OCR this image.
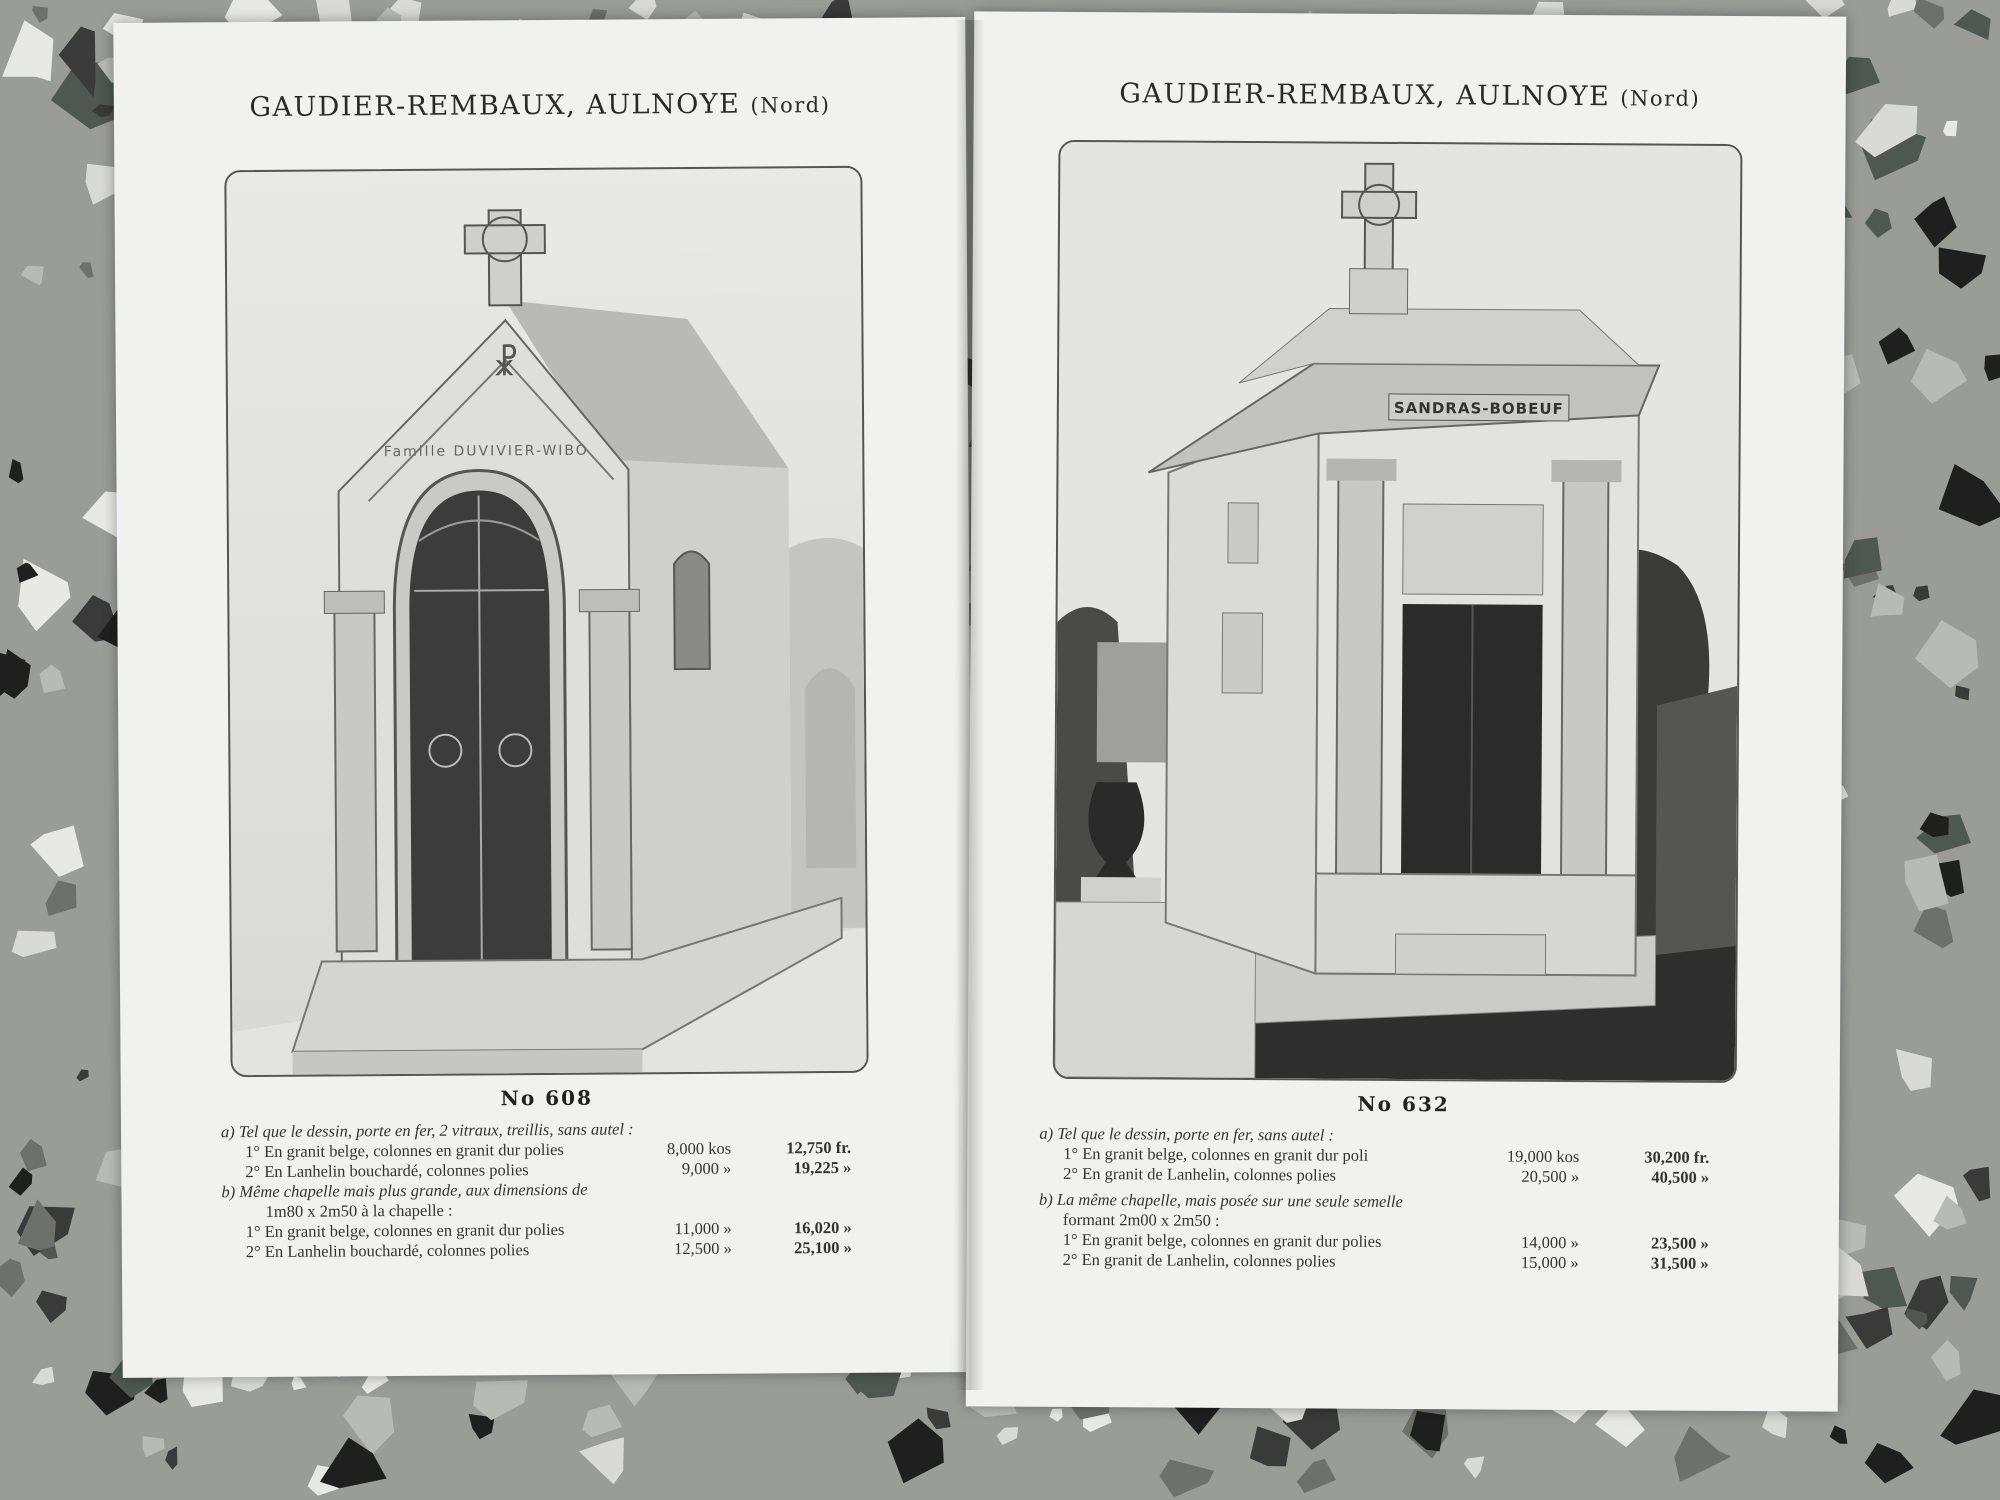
GAUDIER-REMBAUX, AULNOYE (Nord)
☧
Famille DUVIVIER-WIBO
No 608
a) Tel que le dessin, porte en fer, 2 vitraux, treillis, sans autel :
1° En granit belge, colonnes en granit dur polies	8,000 kos	12,750 fr.
2° En Lanhelin bouchardé, colonnes polies	9,000 »	19,225 »
b) Même chapelle mais plus grande, aux dimensions de
1m80 x 2m50 à la chapelle :
1° En granit belge, colonnes en granit dur polies	11,000 »	16,020 »
2° En Lanhelin bouchardé, colonnes polies	12,500 »	25,100 »
GAUDIER-REMBAUX, AULNOYE (Nord)
SANDRAS-BOBEUF
No 632
a) Tel que le dessin, porte en fer, sans autel :
1° En granit belge, colonnes en granit dur poli	19,000 kos	30,200 fr.
2° En granit de Lanhelin, colonnes polies	20,500 »	40,500 »
b) La même chapelle, mais posée sur une seule semelle
formant 2m00 x 2m50 :
1° En granit belge, colonnes en granit dur polies	14,000 »	23,500 »
2° En granit de Lanhelin, colonnes polies	15,000 »	31,500 »
